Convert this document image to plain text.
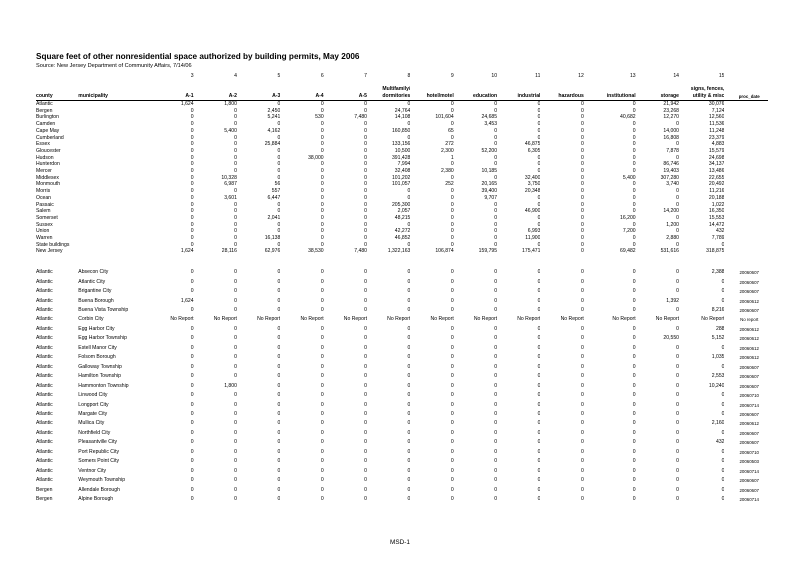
Square feet of other nonresidential space authorized by building permits, May 2006
Source: New Jersey Department of Community Affairs, 7/14/06
		3	4	5	6	7	8	9	10	11	12	13	14	15	
							Multifamily/							signs, fences,	
county	municipality	A-1	A-2	A-3	A-4	A-5	dormitories	hotel/motel	education	industrial	hazardous	institutional	storage	utility & misc	proc_date
Atlantic		1,624	1,800	0	0	0	0	0	0	0	0	0	21,942	30,076	
Bergen		0	0	2,450	0	0	24,764	0	0	0	0	0	23,268	7,124	
Burlington		0	0	5,241	530	7,480	14,108	101,604	24,685	0	0	40,682	12,270	12,560	
Camden		0	0	0	0	0	0	0	3,453	0	0	0	0	11,536	
Cape May		0	5,400	4,162	0	0	160,850	65	0	0	0	0	14,000	11,248	
Cumberland		0	0	0	0	0	0	0	0	0	0	0	16,808	23,379	
Essex		0	0	25,884	0	0	133,156	272	0	46,875	0	0	0	4,883	
Gloucester		0	0	0	0	0	10,500	2,300	52,200	6,305	0	0	7,878	15,579	
Hudson		0	0	0	38,000	0	391,428	1	0	0	0	0	0	24,698	
Hunterdon		0	0	0	0	0	7,994	0	0	0	0	0	86,746	34,137	
Mercer		0	0	0	0	0	32,408	2,380	10,185	0	0	0	19,403	13,486	
Middlesex		0	10,328	0	0	0	101,202	0	0	32,400	0	5,400	307,280	22,655	
Monmouth		0	6,987	56	0	0	101,057	252	20,165	3,750	0	0	3,740	20,492	
Morris		0	0	557	0	0	0	0	39,400	20,348	0	0	0	11,216	
Ocean		0	3,601	6,447	0	0	0	0	9,707	0	0	0	0	20,188	
Passaic		0	0	0	0	0	205,300	0	0	0	0	0	0	1,022	
Salem		0	0	0	0	0	2,057	0	0	46,900	0	0	14,200	16,350	
Somerset		0	0	2,041	0	0	48,215	0	0	0	0	16,200	0	15,553	
Sussex		0	0	0	0	0	0	0	0	0	0	0	1,200	14,472	
Union		0	0	0	0	0	42,272	0	0	6,993	0	7,200	0	432	
Warren		0	0	16,138	0	0	46,852	0	0	11,900	0	0	2,880	7,789	
State buildings		0	0	0	0	0	0	0	0	0	0	0	0	0	
New Jersey		1,624	28,116	62,976	38,530	7,480	1,322,163	106,874	159,795	175,471	0	69,482	531,616	318,875	

Atlantic	Absecon City	0	0	0	0	0	0	0	0	0	0	0	0	2,388	20060607
Atlantic	Atlantic City	0	0	0	0	0	0	0	0	0	0	0	0	0	20060607
Atlantic	Brigantine City	0	0	0	0	0	0	0	0	0	0	0	0	0	20060607
Atlantic	Buena Borough	1,624	0	0	0	0	0	0	0	0	0	0	1,392	0	20060612
Atlantic	Buena Vista Township	0	0	0	0	0	0	0	0	0	0	0	0	8,216	20060607
Atlantic	Corbin City	No Report	No Report	No Report	No Report	No Report	No Report	No Report	No Report	No Report	No Report	No Report	No Report	No Report	No report
Atlantic	Egg Harbor City	0	0	0	0	0	0	0	0	0	0	0	0	288	20060612
Atlantic	Egg Harbor Township	0	0	0	0	0	0	0	0	0	0	0	20,550	5,152	20060612
Atlantic	Estell Manor City	0	0	0	0	0	0	0	0	0	0	0	0	0	20060612
Atlantic	Folsom Borough	0	0	0	0	0	0	0	0	0	0	0	0	1,035	20060612
Atlantic	Galloway Township	0	0	0	0	0	0	0	0	0	0	0	0	0	20060607
Atlantic	Hamilton Township	0	0	0	0	0	0	0	0	0	0	0	0	2,553	20060607
Atlantic	Hammonton Township	0	1,800	0	0	0	0	0	0	0	0	0	0	10,240	20060607
Atlantic	Linwood City	0	0	0	0	0	0	0	0	0	0	0	0	0	20060710
Atlantic	Longport City	0	0	0	0	0	0	0	0	0	0	0	0	0	20060714
Atlantic	Margate City	0	0	0	0	0	0	0	0	0	0	0	0	0	20060607
Atlantic	Mullica City	0	0	0	0	0	0	0	0	0	0	0	0	2,160	20060612
Atlantic	Northfield City	0	0	0	0	0	0	0	0	0	0	0	0	0	20060607
Atlantic	Pleasantville City	0	0	0	0	0	0	0	0	0	0	0	0	432	20060607
Atlantic	Port Republic City	0	0	0	0	0	0	0	0	0	0	0	0	0	20060710
Atlantic	Somers Point City	0	0	0	0	0	0	0	0	0	0	0	0	0	20060503
Atlantic	Ventnor City	0	0	0	0	0	0	0	0	0	0	0	0	0	20060714
Atlantic	Weymouth Township	0	0	0	0	0	0	0	0	0	0	0	0	0	20060607
Bergen	Allendale Borough	0	0	0	0	0	0	0	0	0	0	0	0	0	20060607
Bergen	Alpine Borough	0	0	0	0	0	0	0	0	0	0	0	0	0	20060714
MSD-1
